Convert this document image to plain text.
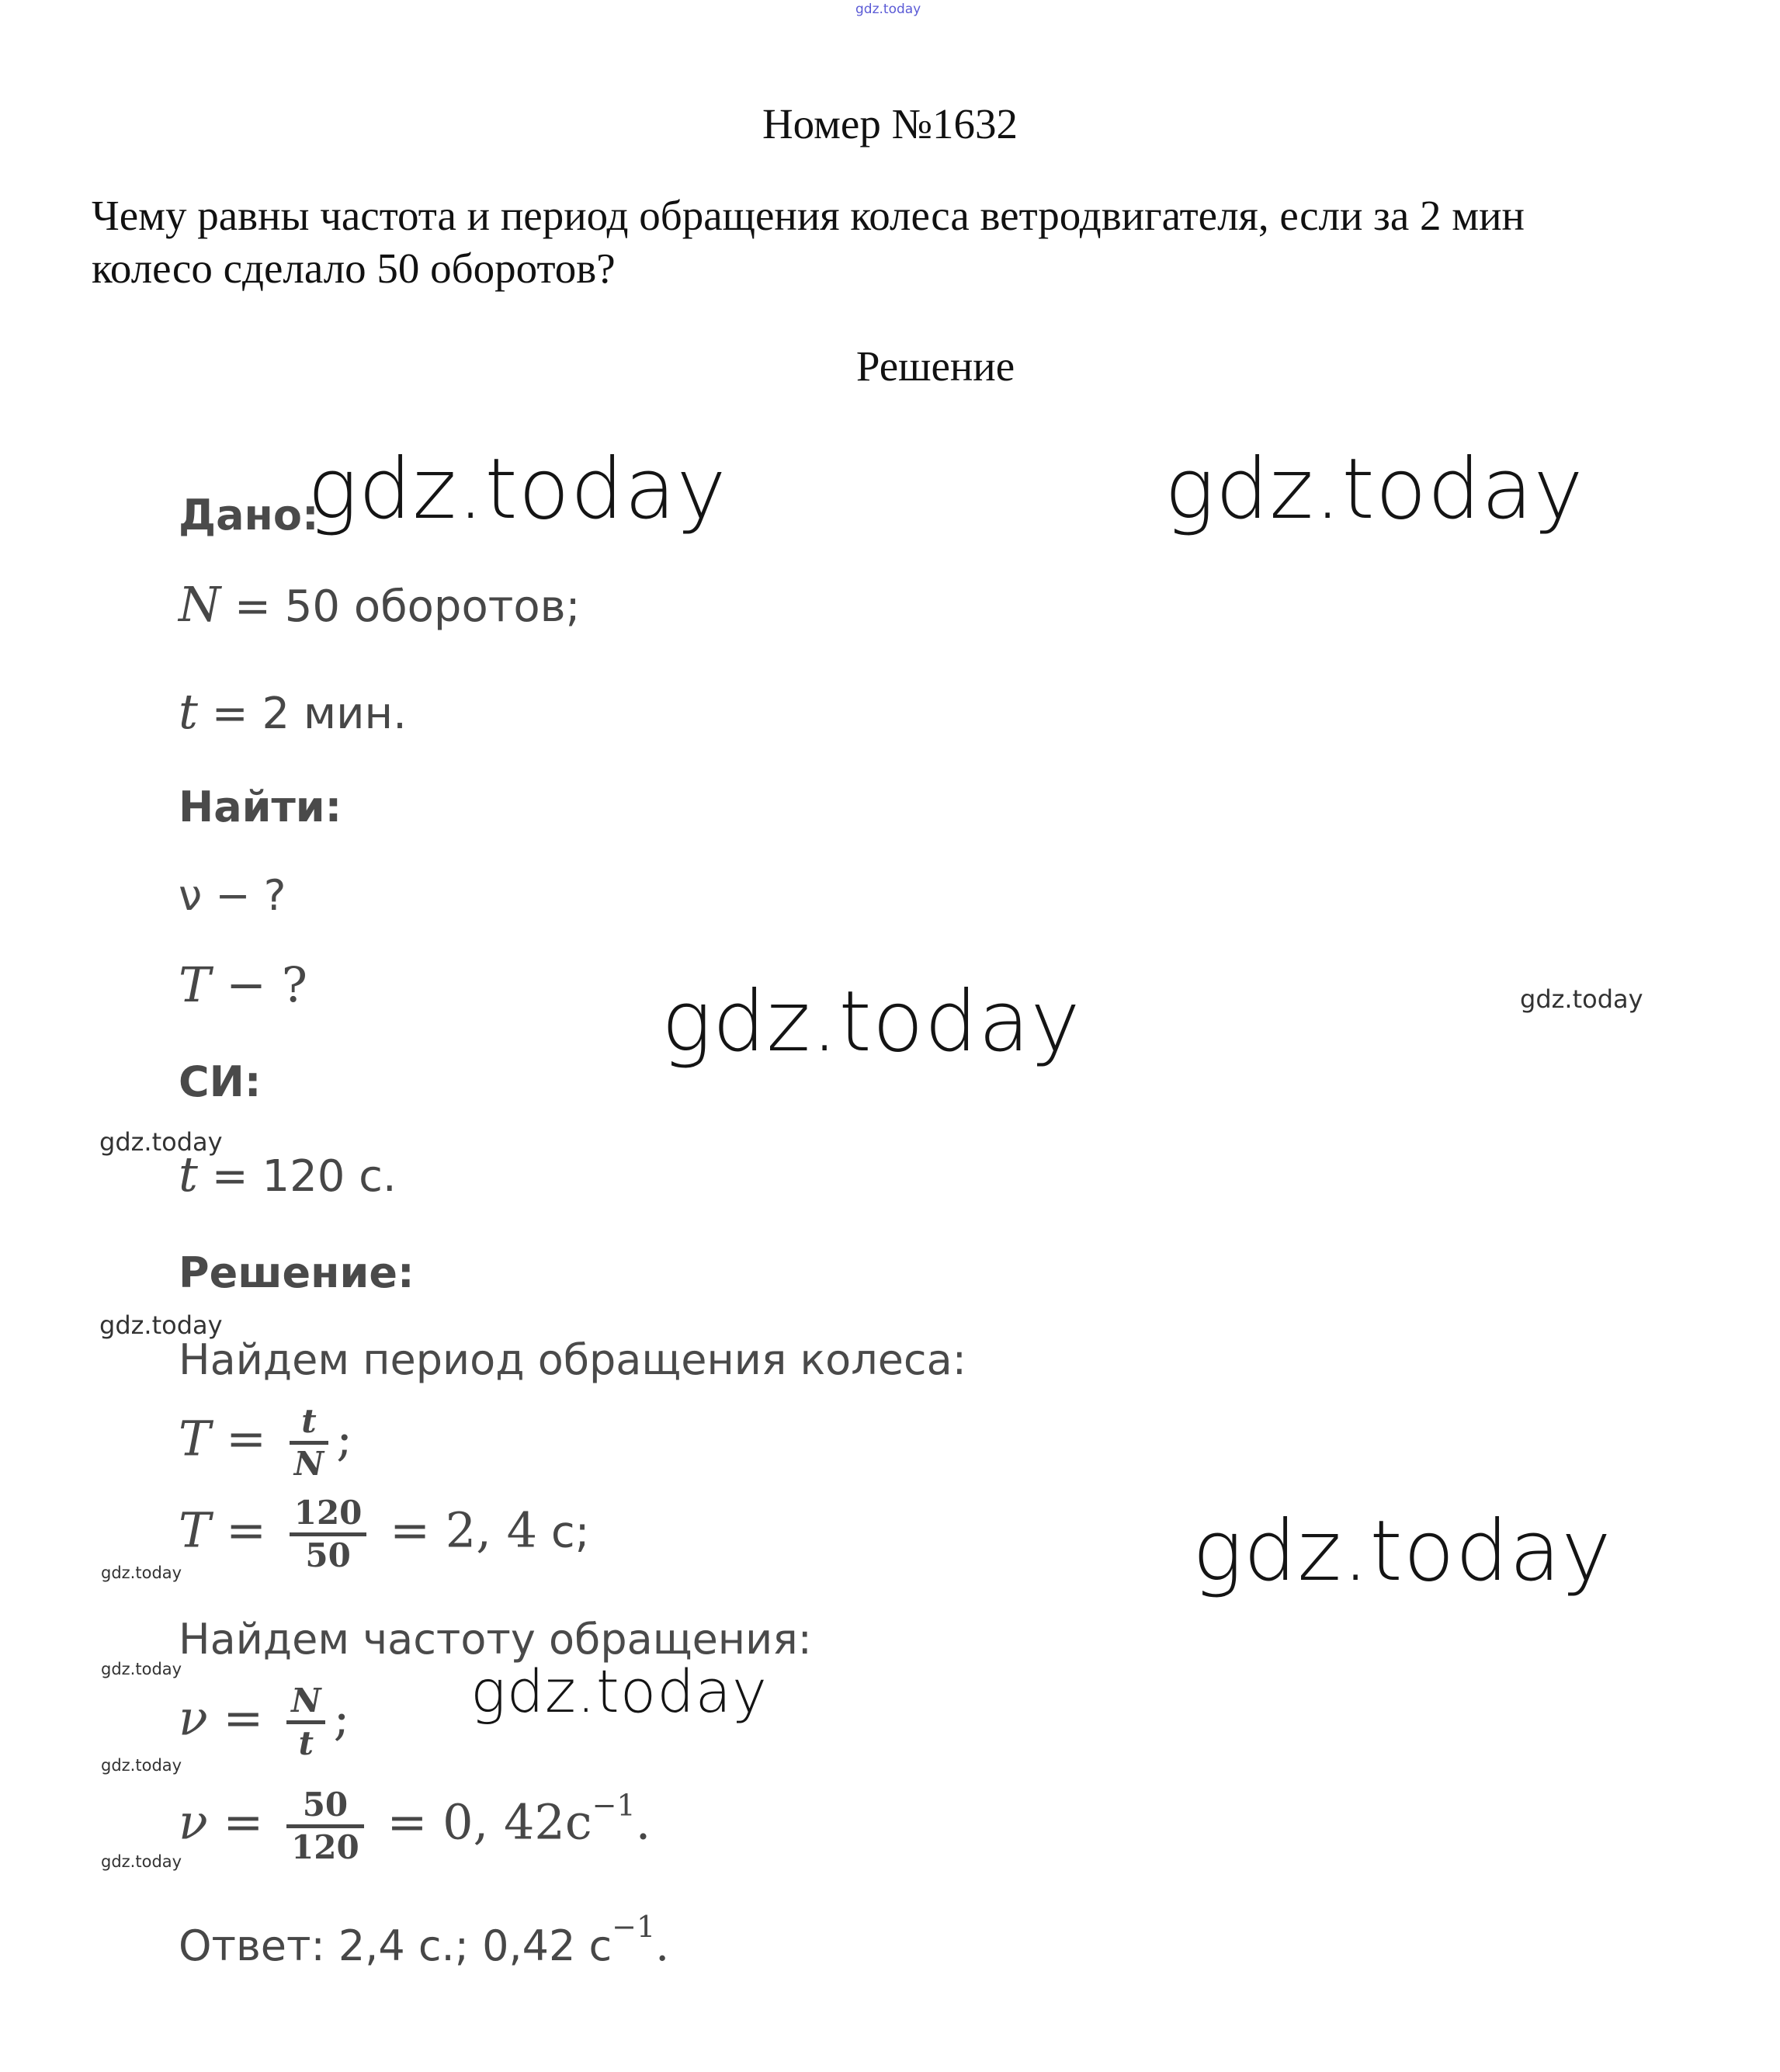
gdz.today
Номер №1632
Чему равны частота и период обращения колеса ветродвигателя, если за 2 мин
колесо сделало 50 оборотов?
Решение
Дано:
N = 50 оборотов;
t = 2 мин.
Найти:
ν − ?
T − ?
СИ:
t = 120 с.
Решение:
Найдем период обращения колеса:
$T = \frac{t}{N}$ ;
$T = \frac{120}{50} = 2$, 4 с;
Найдем частоту обращения:
$\nu = \frac{N}{t}$ ;
$\nu = \frac{50}{120} = 0$, $42с^{-1}$.
Ответ: 2,4 с.; 0,42 $с^{-1}$.
gdz.today	gdz.today
gdz.today
gdz.today
gdz.today
gdz.today
gdz.today
gdz.today
gdz.today
gdz.today
gdz.today
gdz.today
